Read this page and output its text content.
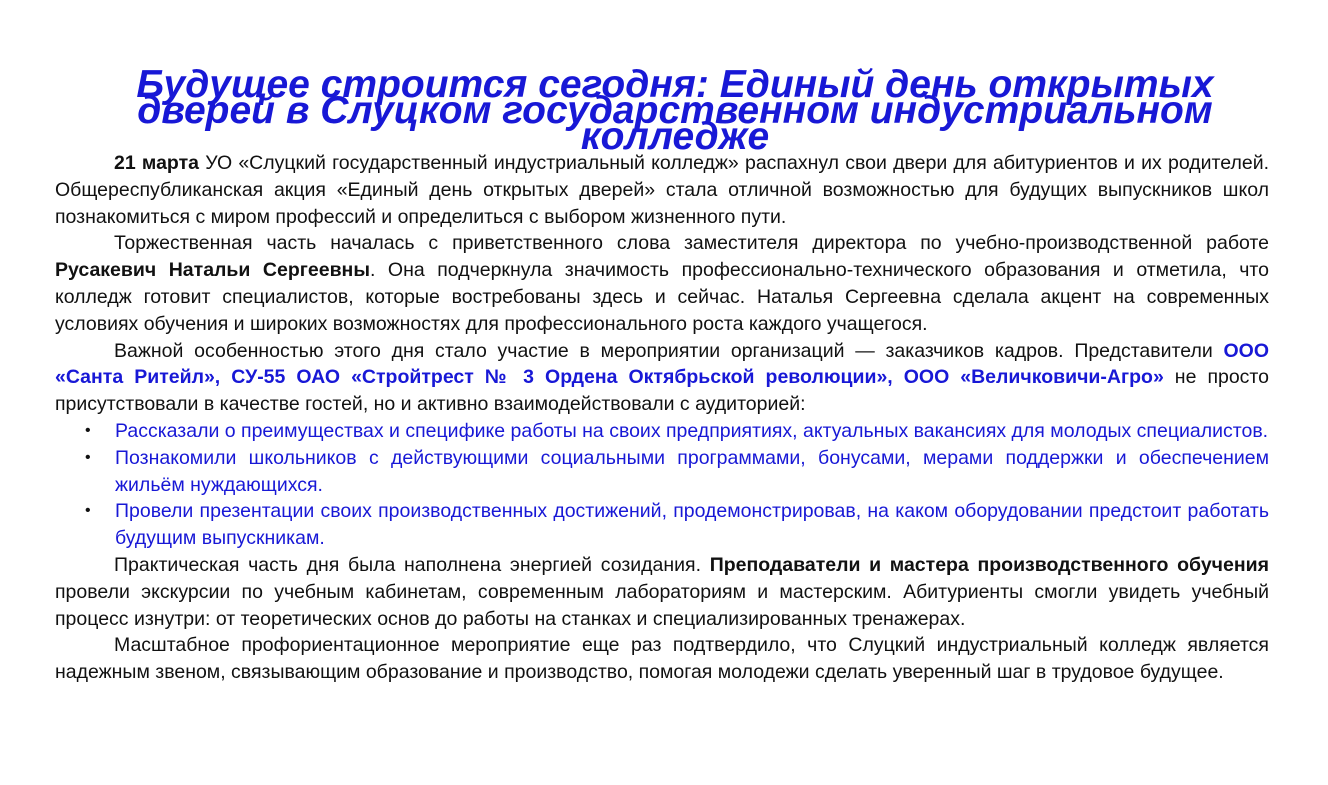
Будущее строится сегодня: Единый день открытых дверей в Слуцком государственном индустриальном колледже

21 марта УО «Слуцкий государственный индустриальный колледж» распахнул свои двери для абитуриентов и их родителей. Общереспубликанская акция «Единый день открытых дверей» стала отличной возможностью для будущих выпускников школ познакомиться с миром профессий и определиться с выбором жизненного пути.

Торжественная часть началась с приветственного слова заместителя директора по учебно-производственной работе Русакевич Натальи Сергеевны. Она подчеркнула значимость профессионально-технического образования и отметила, что колледж готовит специалистов, которые востребованы здесь и сейчас. Наталья Сергеевна сделала акцент на современных условиях обучения и широких возможностях для профессионального роста каждого учащегося.

Важной особенностью этого дня стало участие в мероприятии организаций — заказчиков кадров. Представители ООО «Санта Ритейл», СУ-55 ОАО «Стройтрест № 3 Ордена Октябрьской революции», ООО «Величковичи-Агро» не просто присутствовали в качестве гостей, но и активно взаимодействовали с аудиторией:

• Рассказали о преимуществах и специфике работы на своих предприятиях, актуальных вакансиях для молодых специалистов.
• Познакомили школьников с действующими социальными программами, бонусами, мерами поддержки и обеспечением жильём нуждающихся.
• Провели презентации своих производственных достижений, продемонстрировав, на каком оборудовании предстоит работать будущим выпускникам.

Практическая часть дня была наполнена энергией созидания. Преподаватели и мастера производственного обучения провели экскурсии по учебным кабинетам, современным лабораториям и мастерским. Абитуриенты смогли увидеть учебный процесс изнутри: от теоретических основ до работы на станках и специализированных тренажерах.

Масштабное профориентационное мероприятие еще раз подтвердило, что Слуцкий индустриальный колледж является надежным звеном, связывающим образование и производство, помогая молодежи сделать уверенный шаг в трудовое будущее.
